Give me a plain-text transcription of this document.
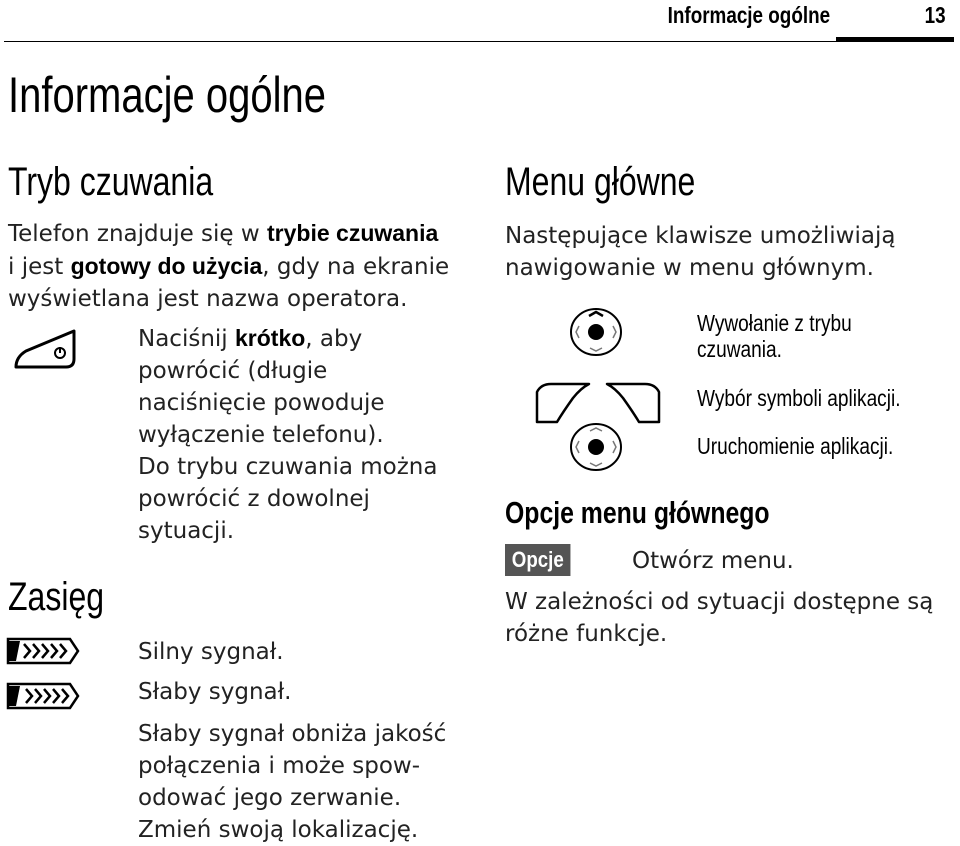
Informacje ogólne	13
Informacje ogólne
Tryb czuwania
Telefon znajduje się w trybie czuwania
i jest gotowy do użycia, gdy na ekranie
wyświetlana jest nazwa operatora.
Naciśnij krótko, aby
powrócić (długie
naciśnięcie powoduje
wyłączenie telefonu).
Do trybu czuwania można
powrócić z dowolnej
sytuacji.
Zasięg
Silny sygnał.
Słaby sygnał.
Słaby sygnał obniża jakość
połączenia i może spow-
odować jego zerwanie.
Zmień swoją lokalizację.
Menu główne
Następujące klawisze umożliwiają
nawigowanie w menu głównym.
Wywołanie z trybu
czuwania.
Wybór symboli aplikacji.
Uruchomienie aplikacji.
Opcje menu głównego
Opcje	Otwórz menu.
W zależności od sytuacji dostępne są
różne funkcje.
